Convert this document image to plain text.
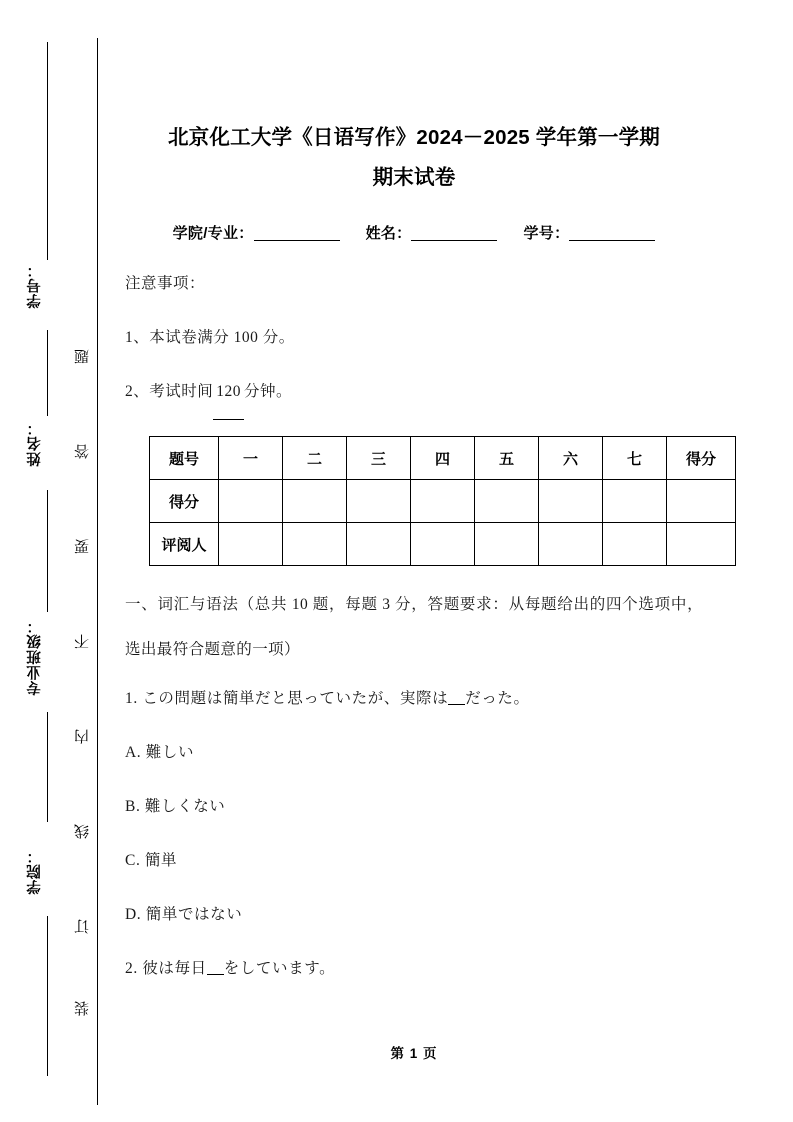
学号：
姓名：
专业班级：
学院：
题
答
要
不
内
线
订
装
北京化工大学《日语写作》2024－2025 学年第一学期
期末试卷
学院/专业：	姓名：	学号：
注意事项：
1、本试卷满分 100 分。
2、考试时间 120 分钟。
题号	一	二	三	四	五	六	七	得分
得分								
评阅人								
一、词汇与语法（总共 10 题，每题 3 分，答题要求：从每题给出的四个选项中，选出最符合题意的一项）
1. この問題は簡単だと思っていたが、実際は だった。
A. 難しい
B. 難しくない
C. 簡単
D. 簡単ではない
2. 彼は毎日 をしています。
第 1 页
